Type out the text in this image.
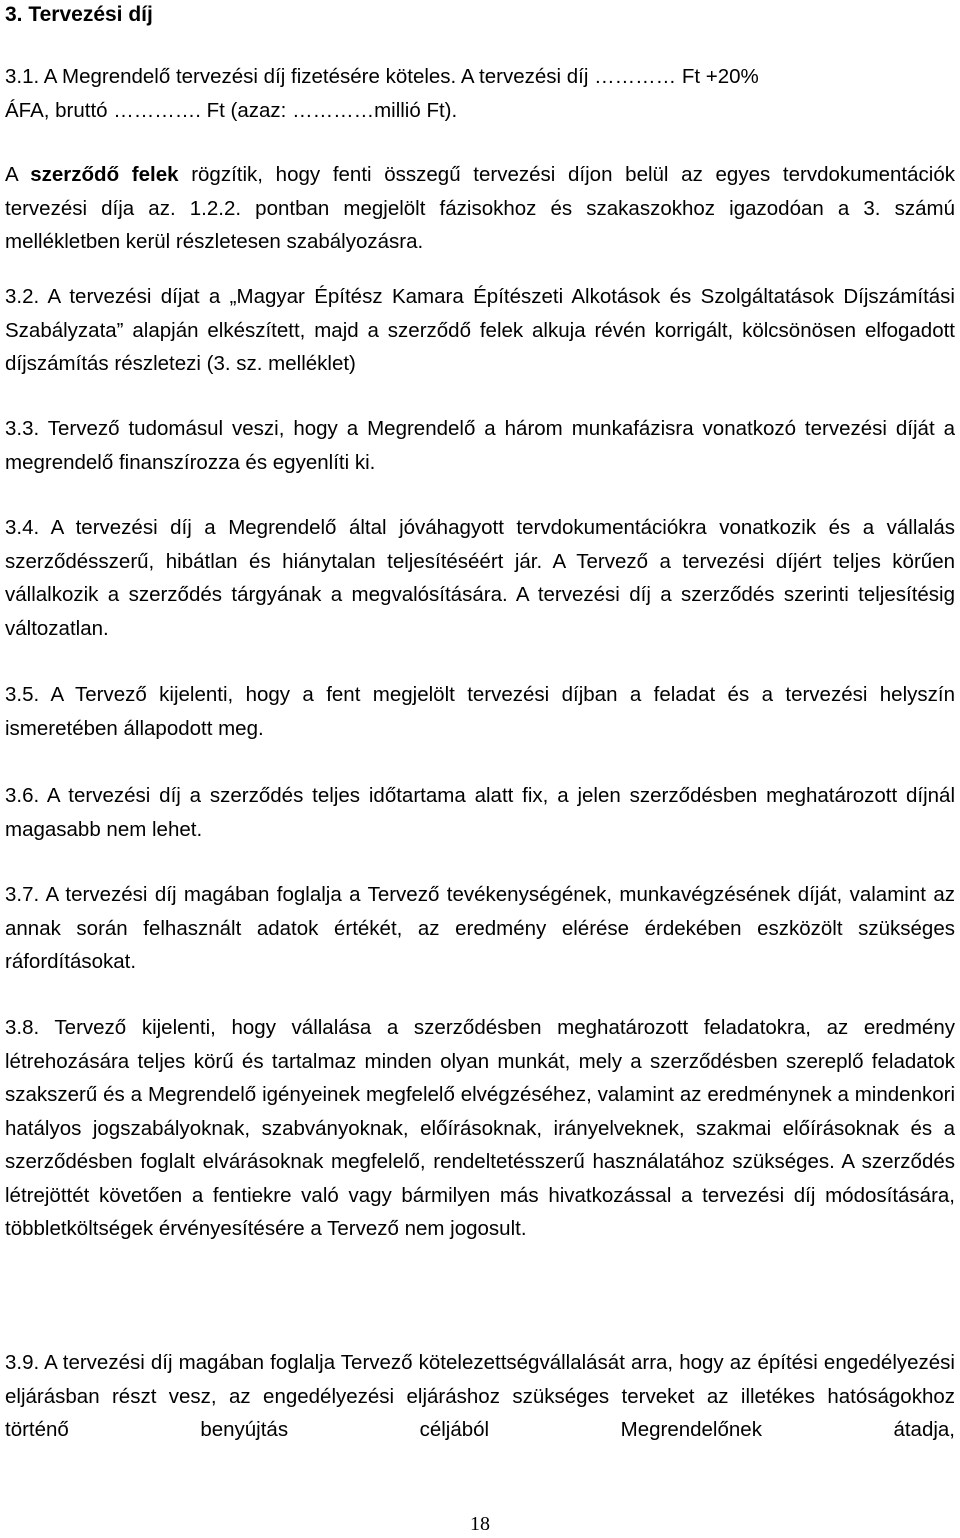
3. Tervezési díj

3.1. A Megrendelő tervezési díj fizetésére köteles. A tervezési díj ………… Ft +20%

ÁFA, bruttó …………. Ft (azaz: …………millió Ft).

A szerződő felek rögzítik, hogy fenti összegű tervezési díjon belül az egyes tervdokumentációk tervezési díja az. 1.2.2. pontban megjelölt fázisokhoz és szakaszokhoz igazodóan a 3. számú mellékletben kerül részletesen szabályozásra.

3.2. A tervezési díjat a „Magyar Építész Kamara Építészeti Alkotások és Szolgáltatások Díjszámítási Szabályzata” alapján elkészített, majd a szerződő felek alkuja révén korrigált, kölcsönösen elfogadott díjszámítás részletezi (3. sz. melléklet)

3.3. Tervező tudomásul veszi, hogy a Megrendelő a három munkafázisra vonatkozó tervezési díját a megrendelő finanszírozza és egyenlíti ki.

3.4. A tervezési díj a Megrendelő által jóváhagyott tervdokumentációkra vonatkozik és a vállalás szerződésszerű, hibátlan és hiánytalan teljesítéséért jár. A Tervező a tervezési díjért teljes körűen vállalkozik a szerződés tárgyának a megvalósítására. A tervezési díj a szerződés szerinti teljesítésig változatlan.

3.5. A Tervező kijelenti, hogy a fent megjelölt tervezési díjban a feladat és a tervezési helyszín ismeretében állapodott meg.

3.6. A tervezési díj a szerződés teljes időtartama alatt fix, a jelen szerződésben meghatározott díjnál magasabb nem lehet.

3.7. A tervezési díj magában foglalja a Tervező tevékenységének, munkavégzésének díját, valamint az annak során felhasznált adatok értékét, az eredmény elérése érdekében eszközölt szükséges ráfordításokat.

3.8. Tervező kijelenti, hogy vállalása a szerződésben meghatározott feladatokra, az eredmény létrehozására teljes körű és tartalmaz minden olyan munkát, mely a szerződésben szereplő feladatok szakszerű és a Megrendelő igényeinek megfelelő elvégzéséhez, valamint az eredménynek a mindenkori hatályos jogszabályoknak, szabványoknak, előírásoknak, irányelveknek, szakmai előírásoknak és a szerződésben foglalt elvárásoknak megfelelő, rendeltetésszerű használatához szükséges. A szerződés létrejöttét követően a fentiekre való vagy bármilyen más hivatkozással a tervezési díj módosítására, többletköltségek érvényesítésére a Tervező nem jogosult.

3.9. A tervezési díj magában foglalja Tervező kötelezettségvállalását arra, hogy az építési engedélyezési eljárásban részt vesz, az engedélyezési eljáráshoz szükséges terveket az illetékes hatóságokhoz történő benyújtás céljából Megrendelőnek átadja,

18
